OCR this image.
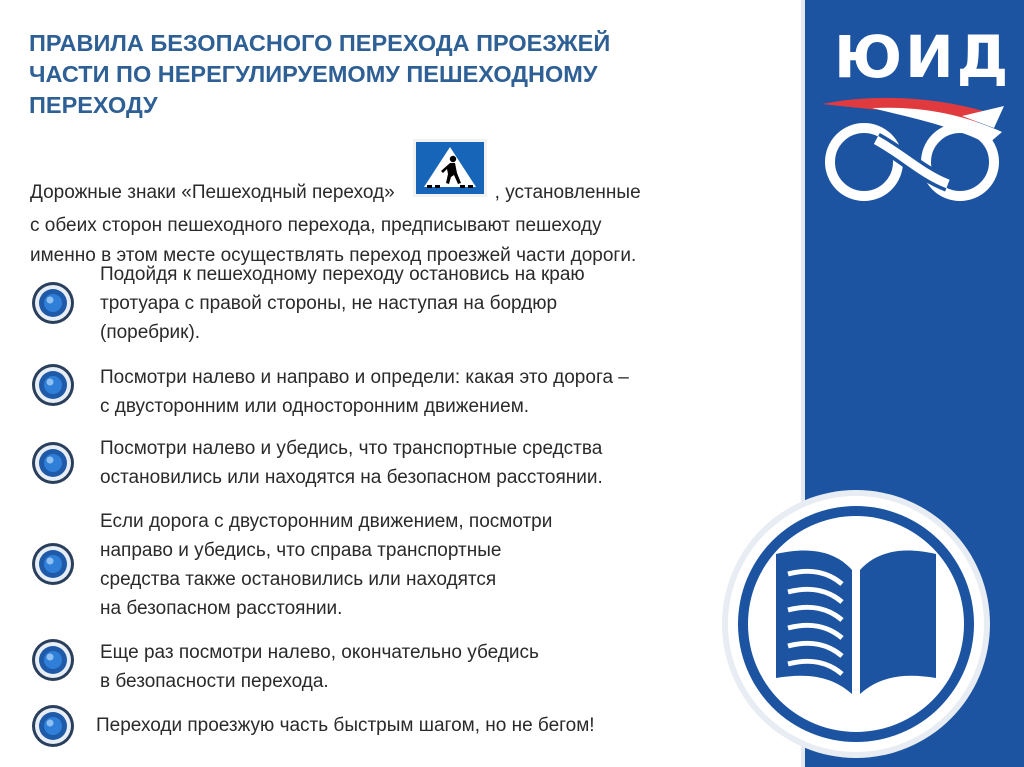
ПРАВИЛА БЕЗОПАСНОГО ПЕРЕХОДА ПРОЕЗЖЕЙ
ЧАСТИ ПО НЕРЕГУЛИРУЕМОМУ ПЕШЕХОДНОМУ
ПЕРЕХОДУ
Дорожные знаки «Пешеходный переход»	, установленные
с обеих сторон пешеходного перехода, предписывают пешеходу
именно в этом месте осуществлять переход проезжей части дороги.
Подойдя к пешеходному переходу остановись на краю
тротуара с правой стороны, не наступая на бордюр
(поребрик).
Посмотри налево и направо и определи: какая это дорога –
с двусторонним или односторонним движением.
Посмотри налево и убедись, что транспортные средства
остановились или находятся на безопасном расстоянии.
Если дорога с двусторонним движением, посмотри
направо и убедись, что справа транспортные
средства также остановились или находятся
на безопасном расстоянии.
Еще раз посмотри налево, окончательно убедись
в безопасности перехода.
Переходи проезжую часть быстрым шагом, но не бегом!
ЮИД
